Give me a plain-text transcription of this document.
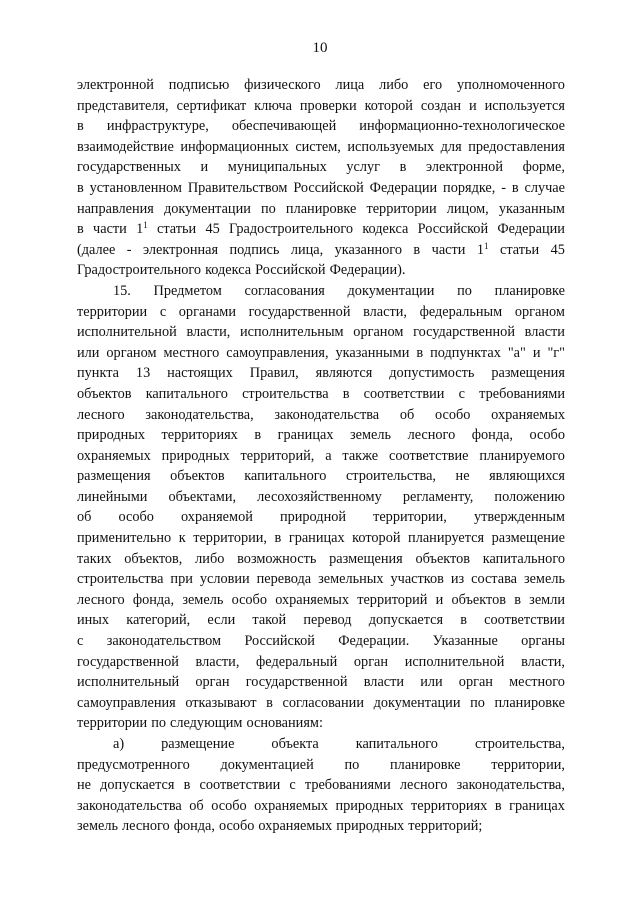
10
электронной подписью физического лица либо его уполномоченного
представителя, сертификат ключа проверки которой создан и используется
в инфраструктуре, обеспечивающей информационно-технологическое
взаимодействие информационных систем, используемых для предоставления
государственных и муниципальных услуг в электронной форме,
в установленном Правительством Российской Федерации порядке, - в случае
направления документации по планировке территории лицом, указанным
в части $1^1$ статьи 45 Градостроительного кодекса Российской Федерации
(далее - электронная подпись лица, указанного в части $1^1$ статьи 45
Градостроительного кодекса Российской Федерации).
15. Предметом согласования документации по планировке
территории с органами государственной власти, федеральным органом
исполнительной власти, исполнительным органом государственной власти
или органом местного самоуправления, указанными в подпунктах "а" и "г"
пункта 13 настоящих Правил, являются допустимость размещения
объектов капитального строительства в соответствии с требованиями
лесного законодательства, законодательства об особо охраняемых
природных территориях в границах земель лесного фонда, особо
охраняемых природных территорий, а также соответствие планируемого
размещения объектов капитального строительства, не являющихся
линейными объектами, лесохозяйственному регламенту, положению
об особо охраняемой природной территории, утвержденным
применительно к территории, в границах которой планируется размещение
таких объектов, либо возможность размещения объектов капитального
строительства при условии перевода земельных участков из состава земель
лесного фонда, земель особо охраняемых территорий и объектов в земли
иных категорий, если такой перевод допускается в соответствии
с законодательством Российской Федерации. Указанные органы
государственной власти, федеральный орган исполнительной власти,
исполнительный орган государственной власти или орган местного
самоуправления отказывают в согласовании документации по планировке
территории по следующим основаниям:
а)	размещение	объекта	капитального	строительства,
предусмотренного документацией по планировке территории,
не допускается в соответствии с требованиями лесного законодательства,
законодательства об особо охраняемых природных территориях в границах
земель лесного фонда, особо охраняемых природных территорий;
